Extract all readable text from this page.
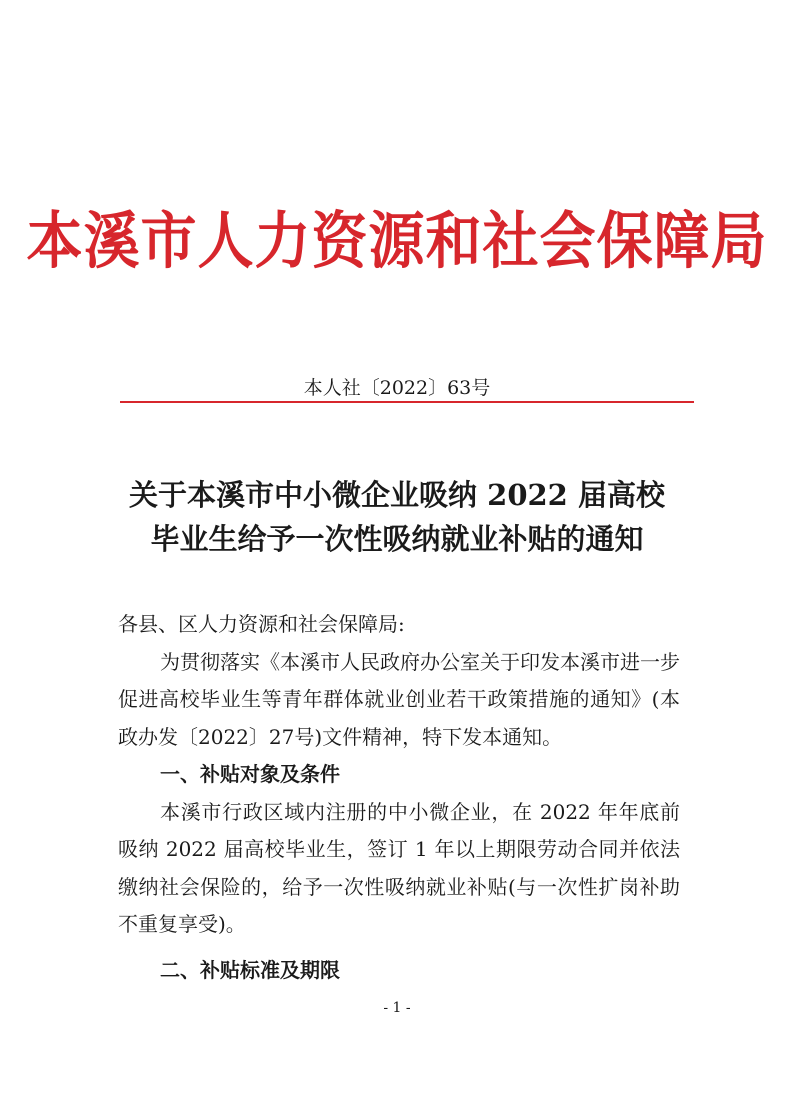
本溪市人力资源和社会保障局
本人社〔2022〕63号
关于本溪市中小微企业吸纳 2022 届高校
毕业生给予一次性吸纳就业补贴的通知

各县、区人力资源和社会保障局:

为贯彻落实《本溪市人民政府办公室关于印发本溪市进一步促进高校毕业生等青年群体就业创业若干政策措施的通知》(本政办发〔2022〕27号)文件精神，特下发本通知。

一、补贴对象及条件

本溪市行政区域内注册的中小微企业，在 2022 年年底前吸纳 2022 届高校毕业生，签订 1 年以上期限劳动合同并依法缴纳社会保险的，给予一次性吸纳就业补贴(与一次性扩岗补助不重复享受)。

二、补贴标准及期限

- 1 -
